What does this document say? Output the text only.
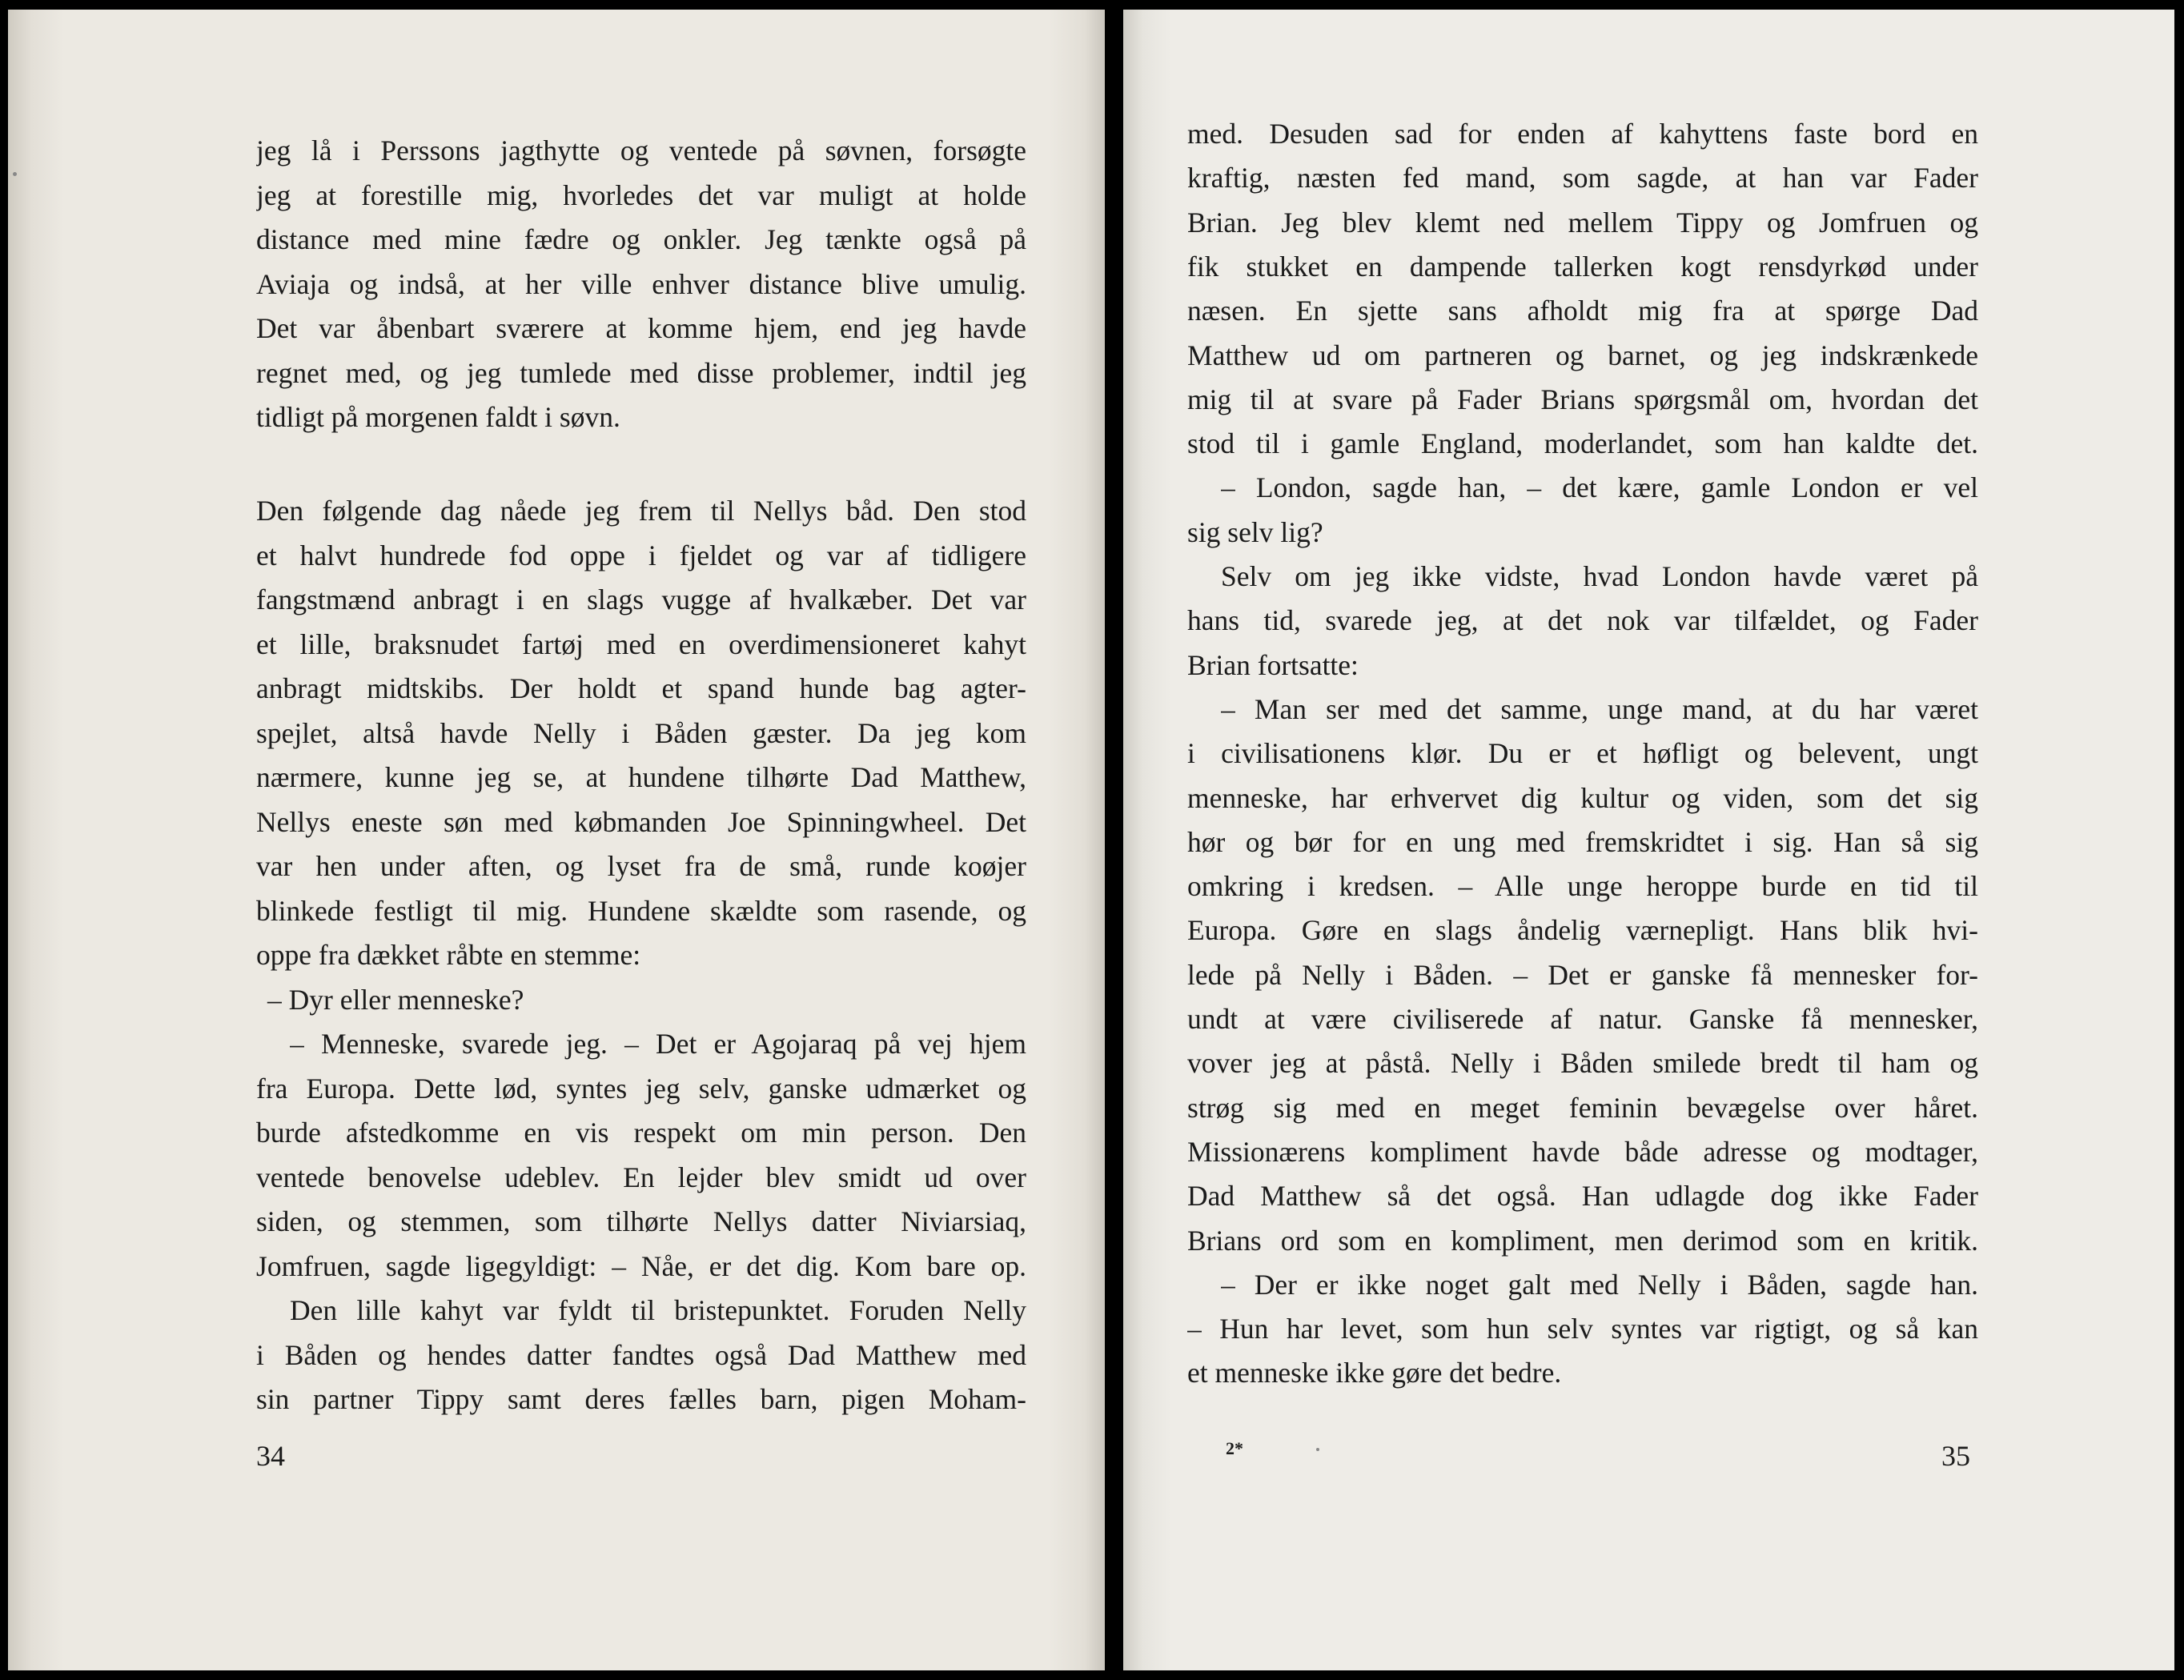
jeg lå i Perssons jagthytte og ventede på søvnen, forsøgte
jeg at forestille mig, hvorledes det var muligt at holde
distance med mine fædre og onkler. Jeg tænkte også på
Aviaja og indså, at her ville enhver distance blive umulig.
Det var åbenbart sværere at komme hjem, end jeg havde
regnet med, og jeg tumlede med disse problemer, indtil jeg
tidligt på morgenen faldt i søvn.
Den følgende dag nåede jeg frem til Nellys båd. Den stod
et halvt hundrede fod oppe i fjeldet og var af tidligere
fangstmænd anbragt i en slags vugge af hvalkæber. Det var
et lille, braksnudet fartøj med en overdimensioneret kahyt
anbragt midtskibs. Der holdt et spand hunde bag agter-
spejlet, altså havde Nelly i Båden gæster. Da jeg kom
nærmere, kunne jeg se, at hundene tilhørte Dad Matthew,
Nellys eneste søn med købmanden Joe Spinningwheel. Det
var hen under aften, og lyset fra de små, runde koøjer
blinkede festligt til mig. Hundene skældte som rasende, og
oppe fra dækket råbte en stemme:
– Dyr eller menneske?
– Menneske, svarede jeg. – Det er Agojaraq på vej hjem
fra Europa. Dette lød, syntes jeg selv, ganske udmærket og
burde afstedkomme en vis respekt om min person. Den
ventede benovelse udeblev. En lejder blev smidt ud over
siden, og stemmen, som tilhørte Nellys datter Niviarsiaq,
Jomfruen, sagde ligegyldigt: – Nåe, er det dig. Kom bare op.
Den lille kahyt var fyldt til bristepunktet. Foruden Nelly
i Båden og hendes datter fandtes også Dad Matthew med
sin partner Tippy samt deres fælles barn, pigen Moham-
34
med. Desuden sad for enden af kahyttens faste bord en
kraftig, næsten fed mand, som sagde, at han var Fader
Brian. Jeg blev klemt ned mellem Tippy og Jomfruen og
fik stukket en dampende tallerken kogt rensdyrkød under
næsen. En sjette sans afholdt mig fra at spørge Dad
Matthew ud om partneren og barnet, og jeg indskrænkede
mig til at svare på Fader Brians spørgsmål om, hvordan det
stod til i gamle England, moderlandet, som han kaldte det.
– London, sagde han, – det kære, gamle London er vel
sig selv lig?
Selv om jeg ikke vidste, hvad London havde været på
hans tid, svarede jeg, at det nok var tilfældet, og Fader
Brian fortsatte:
– Man ser med det samme, unge mand, at du har været
i civilisationens klør. Du er et høfligt og belevent, ungt
menneske, har erhvervet dig kultur og viden, som det sig
hør og bør for en ung med fremskridtet i sig. Han så sig
omkring i kredsen. – Alle unge heroppe burde en tid til
Europa. Gøre en slags åndelig værnepligt. Hans blik hvi-
lede på Nelly i Båden. – Det er ganske få mennesker for-
undt at være civiliserede af natur. Ganske få mennesker,
vover jeg at påstå. Nelly i Båden smilede bredt til ham og
strøg sig med en meget feminin bevægelse over håret.
Missionærens kompliment havde både adresse og modtager,
Dad Matthew så det også. Han udlagde dog ikke Fader
Brians ord som en kompliment, men derimod som en kritik.
– Der er ikke noget galt med Nelly i Båden, sagde han.
– Hun har levet, som hun selv syntes var rigtigt, og så kan
et menneske ikke gøre det bedre.
2*	35
